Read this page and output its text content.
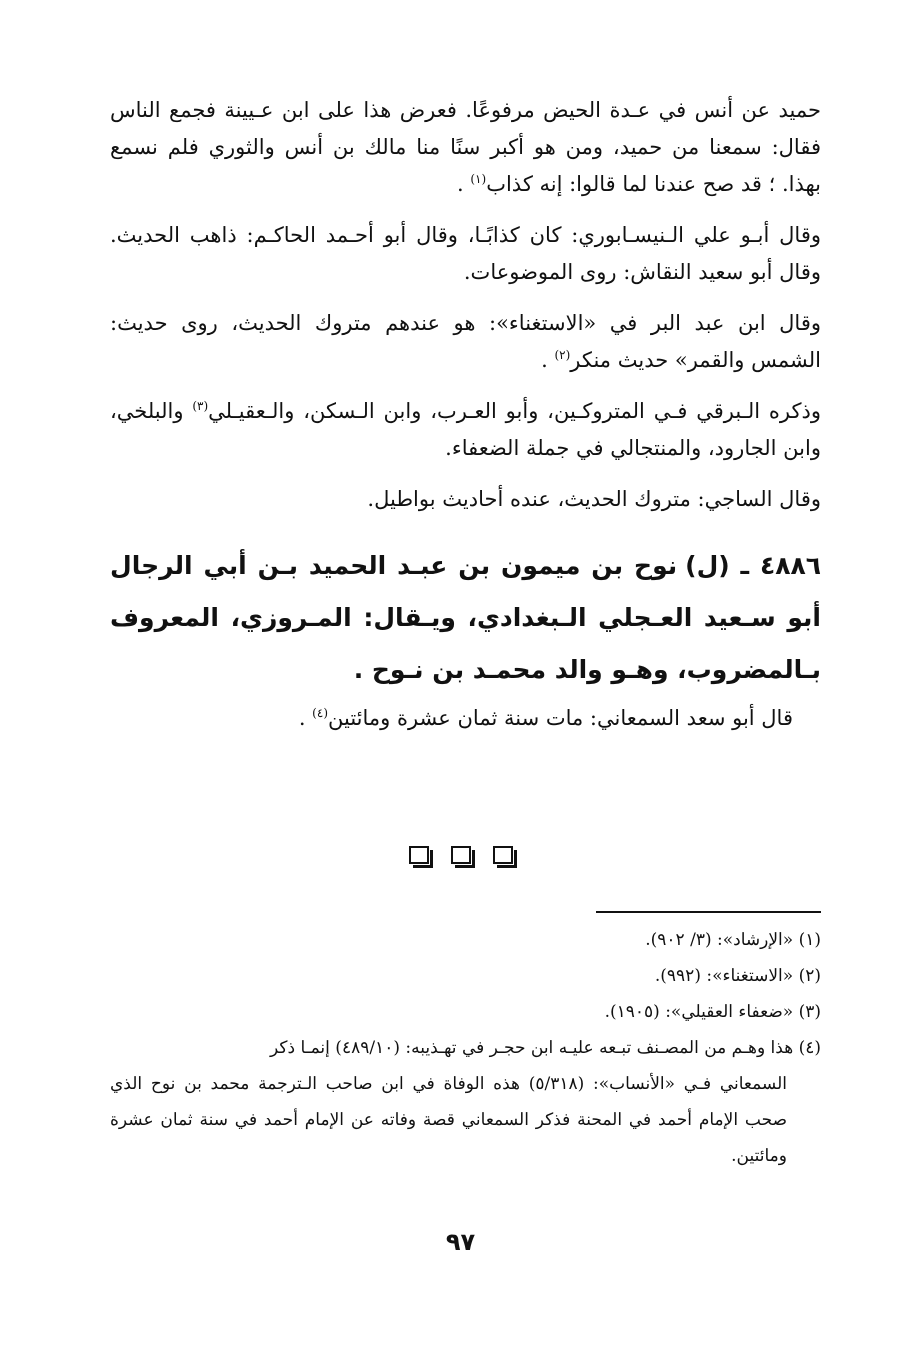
حميد عن أنس في عـدة الحيض مرفوعًا. فعرض هذا على ابن عـيينة فجمع الناس فقال: سمعنا من حميد، ومن هو أكبر سنًا منا مالك بن أنس والثوري فلم نسمع بهذا. ؛ قد صح عندنا لما قالوا: إنه كذاب$^{(١)}$ .

وقال أبـو علي الـنيسـابوري: كان كذابًـا، وقال أبو أحـمد الحاكـم: ذاهب الحديث. وقال أبو سعيد النقاش: روى الموضوعات.

وقال ابن عبد البر في «الاستغناء»: هو عندهم متروك الحديث، روى حديث: الشمس والقمر» حديث منكر$^{(٢)}$ .

وذكره الـبرقي فـي المتروكـين، وأبو العـرب، وابن الـسكن، والـعقيـلي$^{(٣)}$ والبلخي، وابن الجارود، والمنتجالي في جملة الضعفاء.

وقال الساجي: متروك الحديث، عنده أحاديث بواطيل.

٤٨٨٦ ـ (ل)نوح بن ميمون بن عبـد الحميد بـن أبي الرجال أبو سـعيد العـجلي الـبغدادي، ويـقال: المـروزي، المعروف بـالمضروب، وهـو والد محمـد بن نـوح .

قال أبو سعد السمعاني: مات سنة ثمان عشرة ومائتين$^{(٤)}$ .

(١) «الإرشاد»: (٣/ ٩٠٢).

(٢) «الاستغناء»: (٩٩٢).

(٣) «ضعفاء العقيلي»: (١٩٠٥).

(٤) هذا وهـم من المصـنف تبـعه عليـه ابن حجـر في تهـذيبه: (٤٨٩/١٠) إنمـا ذكر
السمعاني فـي «الأنساب»: (٥/٣١٨) هذه الوفاة في ابن صاحب الـترجمة محمد بن نوح الذي صحب الإمام أحمد في المحنة فذكر السمعاني قصة وفاته عن الإمام أحمد في سنة ثمان عشرة ومائتين.

٩٧
